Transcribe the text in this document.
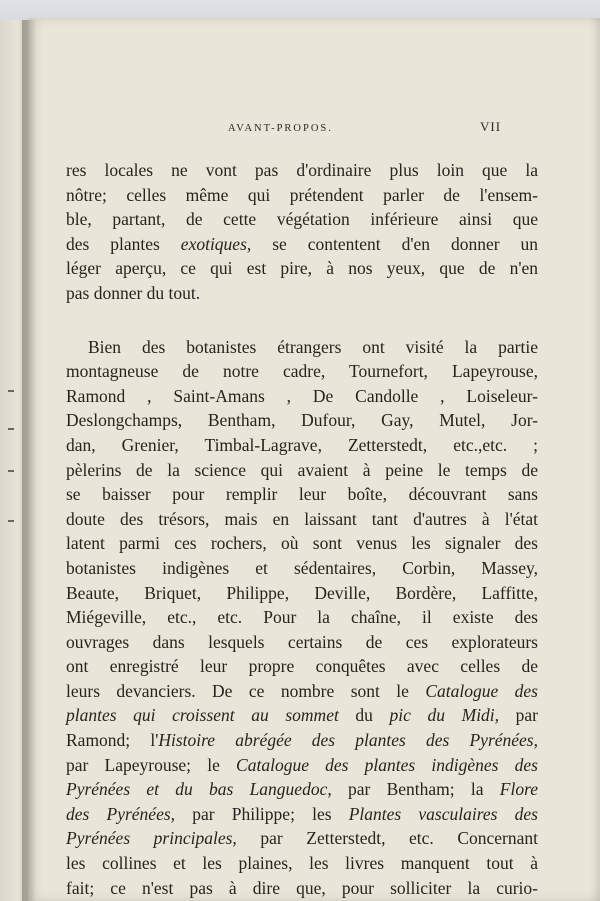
AVANT-PROPOS.	VII
res locales ne vont pas d'ordinaire plus loin que la
nôtre; celles même qui prétendent parler de l'ensem-
ble, partant, de cette végétation inférieure ainsi que
des plantes exotiques, se contentent d'en donner un
léger aperçu, ce qui est pire, à nos yeux, que de n'en
pas donner du tout.
Bien des botanistes étrangers ont visité la partie
montagneuse de notre cadre, Tournefort, Lapeyrouse,
Ramond , Saint-Amans , De Candolle , Loiseleur-
Deslongchamps, Bentham, Dufour, Gay, Mutel, Jor-
dan, Grenier, Timbal-Lagrave, Zetterstedt, etc.,etc. ;
pèlerins de la science qui avaient à peine le temps de
se baisser pour remplir leur boîte, découvrant sans
doute des trésors, mais en laissant tant d'autres à l'état
latent parmi ces rochers, où sont venus les signaler des
botanistes indigènes et sédentaires, Corbin, Massey,
Beaute, Briquet, Philippe, Deville, Bordère, Laffitte,
Miégeville, etc., etc. Pour la chaîne, il existe des
ouvrages dans lesquels certains de ces explorateurs
ont enregistré leur propre conquêtes avec celles de
leurs devanciers. De ce nombre sont le Catalogue des
plantes qui croissent au sommet du pic du Midi, par
Ramond; l'Histoire abrégée des plantes des Pyrénées,
par Lapeyrouse; le Catalogue des plantes indigènes des
Pyrénées et du bas Languedoc, par Bentham; la Flore
des Pyrénées, par Philippe; les Plantes vasculaires des
Pyrénées principales, par Zetterstedt, etc. Concernant
les collines et les plaines, les livres manquent tout à
fait; ce n'est pas à dire que, pour solliciter la curio-
